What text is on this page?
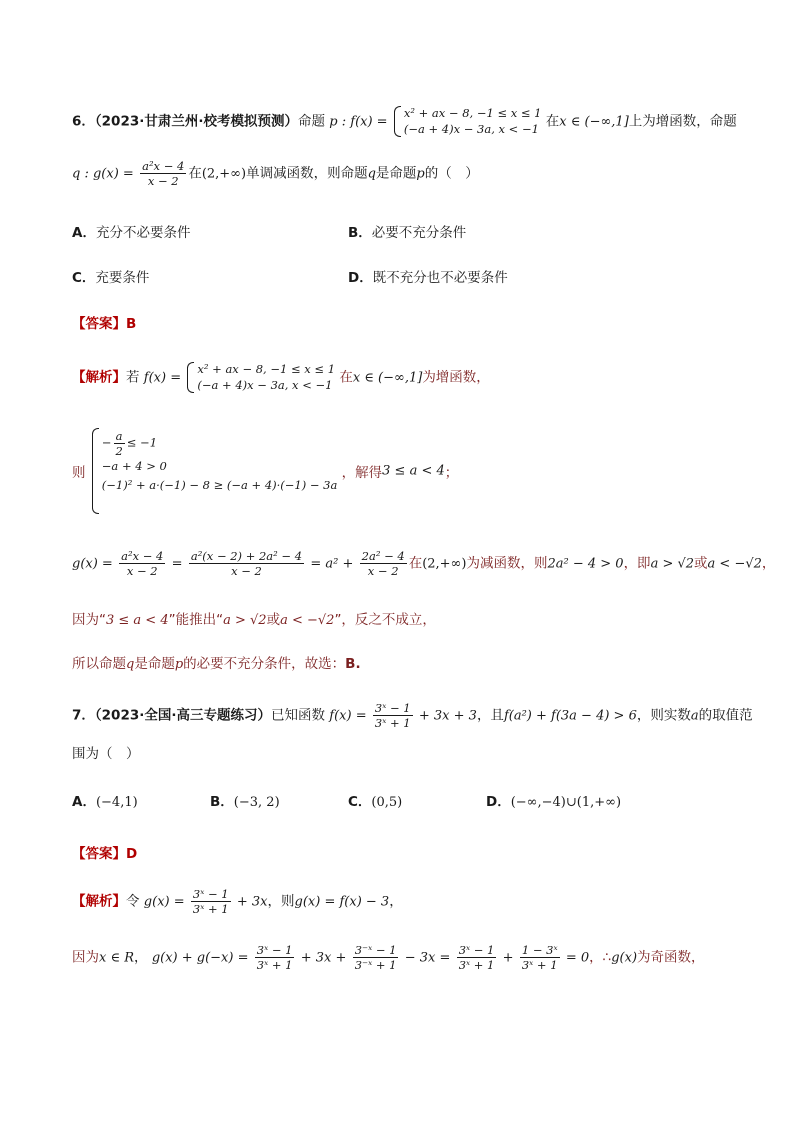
6．（2023·甘肃兰州·校考模拟预测）命题 p : f(x) =
x² + ax − 8, −1 ≤ x ≤ 1
(−a + 4)x − 3a, x < −1 在x ∈ (−∞,1]上为增函数，命题
q : $g(x) = \frac{\text{a²x − 4}}{x - 2}$ 在(2,+∞)单调减函数，则命题q是命题p的（　）
A．充分不必要条件	B．必要不充分条件
C．充要条件	D．既不充分也不必要条件
【答案】B
【解析】若 f(x) =
x² + ax − 8, −1 ≤ x ≤ 1
(−a + 4)x − 3a, x < −1 在x ∈ (−∞,1]为增函数，
则
− $\frac{a}{2} \le -1$
−a + 4 > 0
(−1)² + a·(−1) − 8 ≥ (−a + 4)·(−1) − 3a

，解得3 ≤ a < 4；
$g(x) = \frac{\text{a²x − 4}}{x - 2} = \frac{\text{a²(x − 2) + 2a² − 4}}{x - 2} = a^2 + \frac{\text{2a² − 4}}{x - 2}$ 在(2,+∞)为减函数，则2a² − 4 > 0，即a > √2或a < −√2，
因为“3 ≤ a < 4”能推出“a > √2或a < −√2”，反之不成立，
所以命题q是命题p的必要不充分条件，故选：B.
7．（2023·全国·高三专题练习）已知函数 $f(x) = \frac{\text{3ˣ − 1}}{\text{3ˣ + 1}} + 3x + 3$，且f(a²) + f(3a − 4) > 6，则实数a的取值范
围为（　）
A．(−4,1)	B．(−3, 2)	C．(0,5)	D．(−∞,−4)∪(1,+∞)
【答案】D
【解析】令 $g(x) = \frac{\text{3ˣ − 1}}{\text{3ˣ + 1}} + 3x$，则g(x) = f(x) − 3，
因为x ∈ R， $g(x) + g(-x) = \frac{\text{3ˣ − 1}}{\text{3ˣ + 1}} + 3x + \frac{\text{3⁻ˣ − 1}}{\text{3⁻ˣ + 1}} - 3x = \frac{\text{3ˣ − 1}}{\text{3ˣ + 1}} + \frac{\text{1 − 3ˣ}}{\text{3ˣ + 1}} = 0$，∴g(x)为奇函数，
